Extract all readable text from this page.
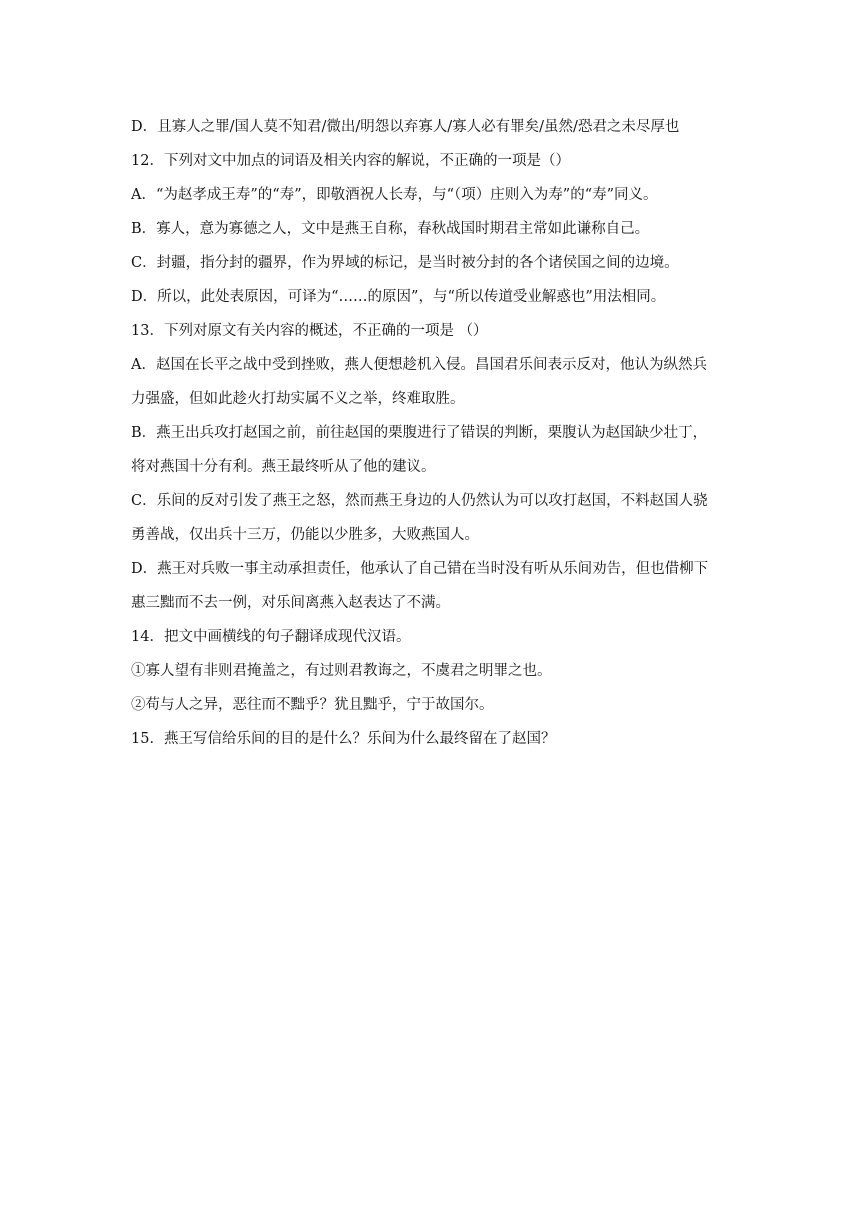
D．且寡人之罪/国人莫不知君/微出/明怨以弃寡人/寡人必有罪矣/虽然/恐君之未尽厚也
12．下列对文中加点的词语及相关内容的解说，不正确的一项是（）
A．“为赵孝成王寿”的“寿”，即敬酒祝人长寿，与“（项）庄则入为寿”的“寿”同义。
B．寡人，意为寡德之人，文中是燕王自称，春秋战国时期君主常如此谦称自己。
C．封疆，指分封的疆界，作为界域的标记，是当时被分封的各个诸侯国之间的边境。
D．所以，此处表原因，可译为“……的原因”，与“所以传道受业解惑也”用法相同。
13．下列对原文有关内容的概述，不正确的一项是 （）
A．赵国在长平之战中受到挫败，燕人便想趁机入侵。昌国君乐间表示反对，他认为纵然兵
力强盛，但如此趁火打劫实属不义之举，终难取胜。
B．燕王出兵攻打赵国之前，前往赵国的栗腹进行了错误的判断，栗腹认为赵国缺少壮丁，
将对燕国十分有利。燕王最终听从了他的建议。
C．乐间的反对引发了燕王之怒，然而燕王身边的人仍然认为可以攻打赵国，不料赵国人骁
勇善战，仅出兵十三万，仍能以少胜多，大败燕国人。
D．燕王对兵败一事主动承担责任，他承认了自己错在当时没有听从乐间劝告，但也借柳下
惠三黜而不去一例，对乐间离燕入赵表达了不满。
14．把文中画横线的句子翻译成现代汉语。
①寡人望有非则君掩盖之，有过则君教诲之，不虞君之明罪之也。
②苟与人之异，恶往而不黜乎？犹且黜乎，宁于故国尔。
15．燕王写信给乐间的目的是什么？乐间为什么最终留在了赵国？
